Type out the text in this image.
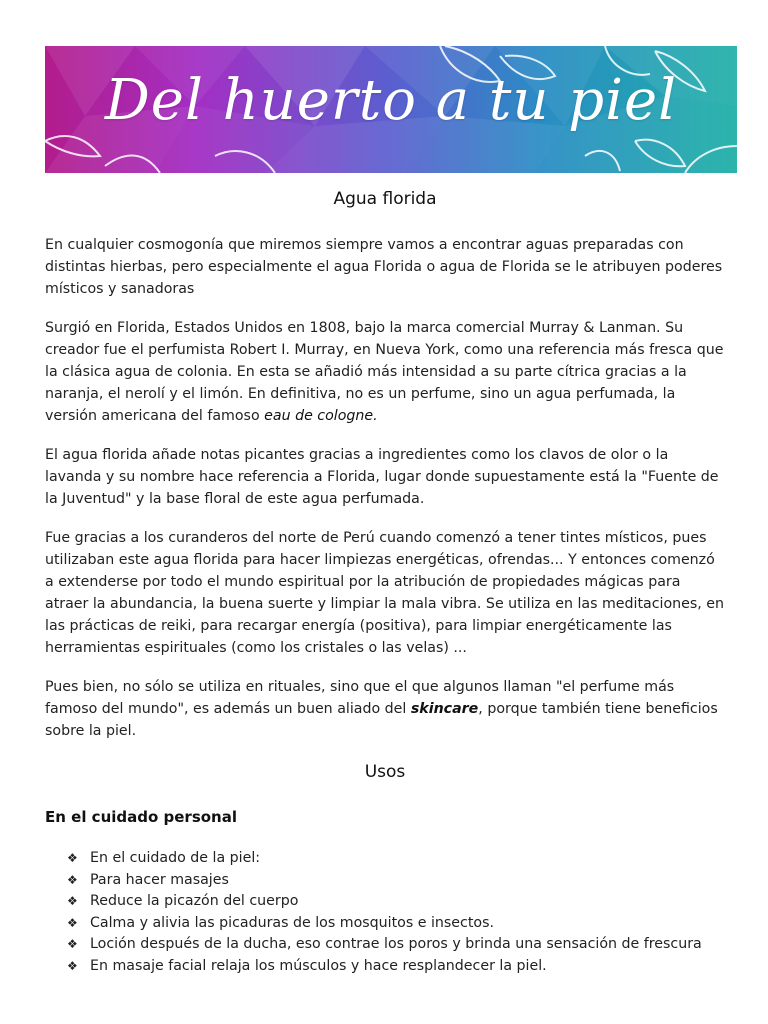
Del huerto a tu piel
Agua florida

En cualquier cosmogonía que miremos siempre vamos a encontrar aguas preparadas con distintas hierbas, pero especialmente el agua Florida o agua de Florida se le atribuyen poderes místicos y sanadoras

Surgió en Florida, Estados Unidos en 1808, bajo la marca comercial Murray & Lanman. Su creador fue el perfumista Robert I. Murray, en Nueva York, como una referencia más fresca que la clásica agua de colonia. En esta se añadió más intensidad a su parte cítrica gracias a la naranja, el nerolí y el limón. En definitiva, no es un perfume, sino un agua perfumada, la versión americana del famoso eau de cologne.

El agua florida añade notas picantes gracias a ingredientes como los clavos de olor o la lavanda y su nombre hace referencia a Florida, lugar donde supuestamente está la "Fuente de la Juventud" y la base floral de este agua perfumada.

Fue gracias a los curanderos del norte de Perú cuando comenzó a tener tintes místicos, pues utilizaban este agua florida para hacer limpiezas energéticas, ofrendas... Y entonces comenzó a extenderse por todo el mundo espiritual por la atribución de propiedades mágicas para atraer la abundancia, la buena suerte y limpiar la mala vibra. Se utiliza en las meditaciones, en las prácticas de reiki, para recargar energía (positiva), para limpiar energéticamente las herramientas espirituales (como los cristales o las velas) ...

Pues bien, no sólo se utiliza en rituales, sino que el que algunos llaman "el perfume más famoso del mundo", es además un buen aliado del skincare, porque también tiene beneficios sobre la piel.

Usos
En el cuidado personal
❖ En el cuidado de la piel:
❖ Para hacer masajes
❖ Reduce la picazón del cuerpo
❖ Calma y alivia las picaduras de los mosquitos e insectos.
❖ Loción después de la ducha, eso contrae los poros y brinda una sensación de frescura
❖ En masaje facial relaja los músculos y hace resplandecer la piel.
